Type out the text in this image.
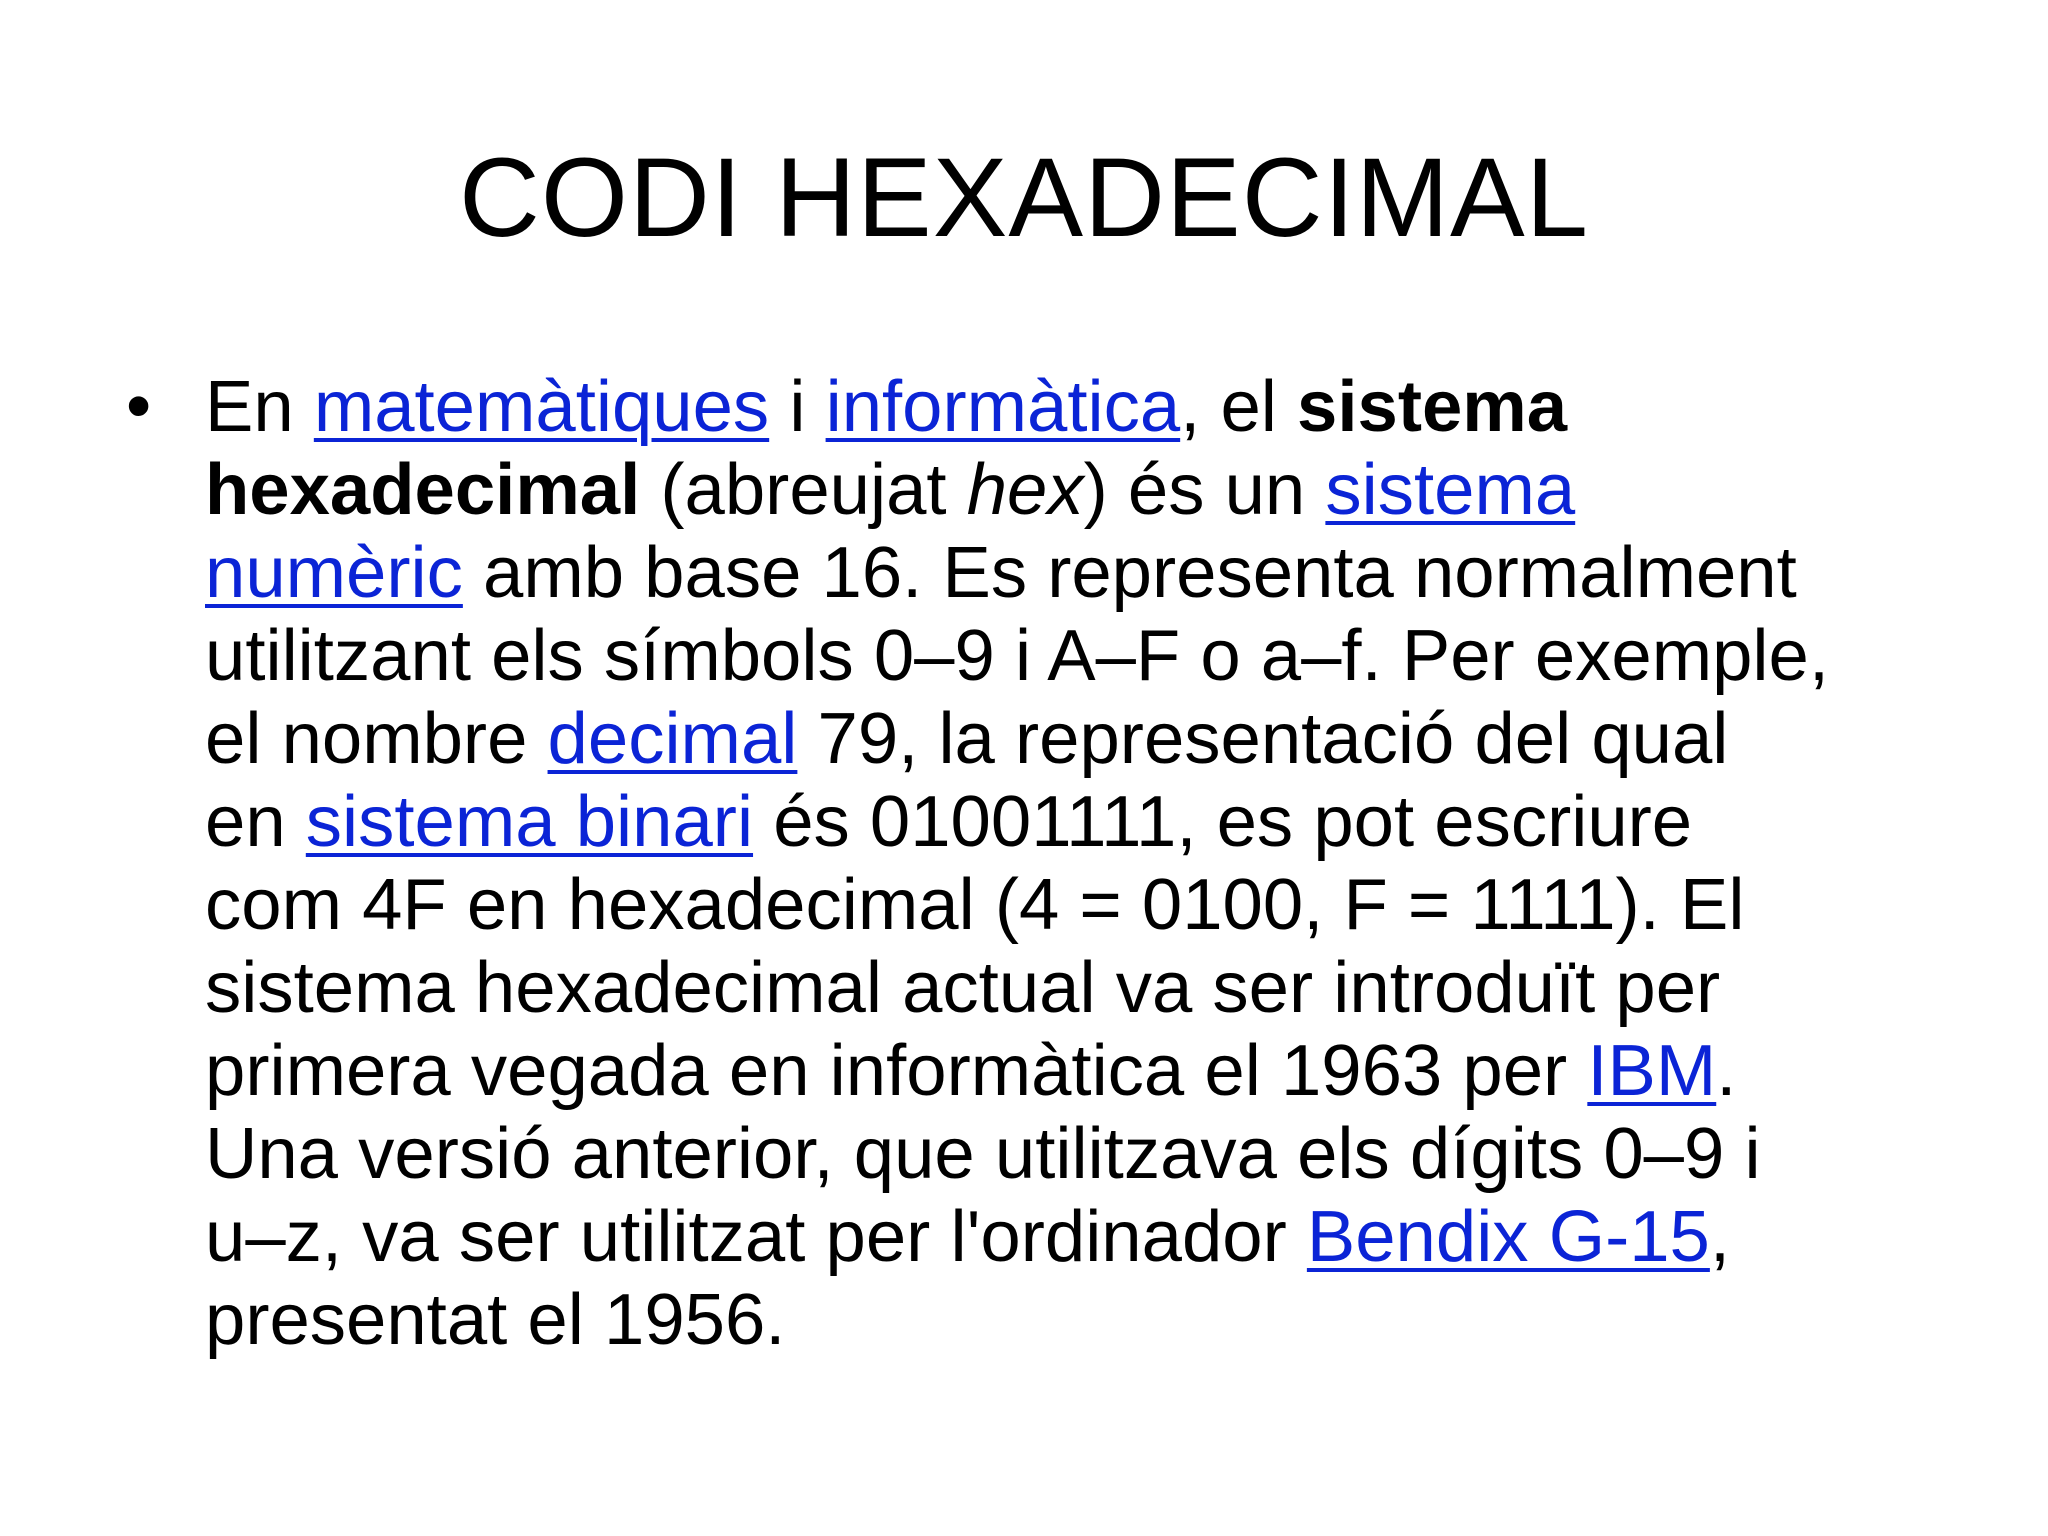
CODI HEXADECIMAL
• En matemàtiques i informàtica, el sistema
hexadecimal (abreujat hex) és un sistema
numèric amb base 16. Es representa normalment
utilitzant els símbols 0–9 i A–F o a–f. Per exemple,
el nombre decimal 79, la representació del qual
en sistema binari és 01001111, es pot escriure
com 4F en hexadecimal (4 = 0100, F = 1111). El
sistema hexadecimal actual va ser introduït per
primera vegada en informàtica el 1963 per IBM.
Una versió anterior, que utilitzava els dígits 0–9 i
u–z, va ser utilitzat per l'ordinador Bendix G-15,
presentat el 1956.
